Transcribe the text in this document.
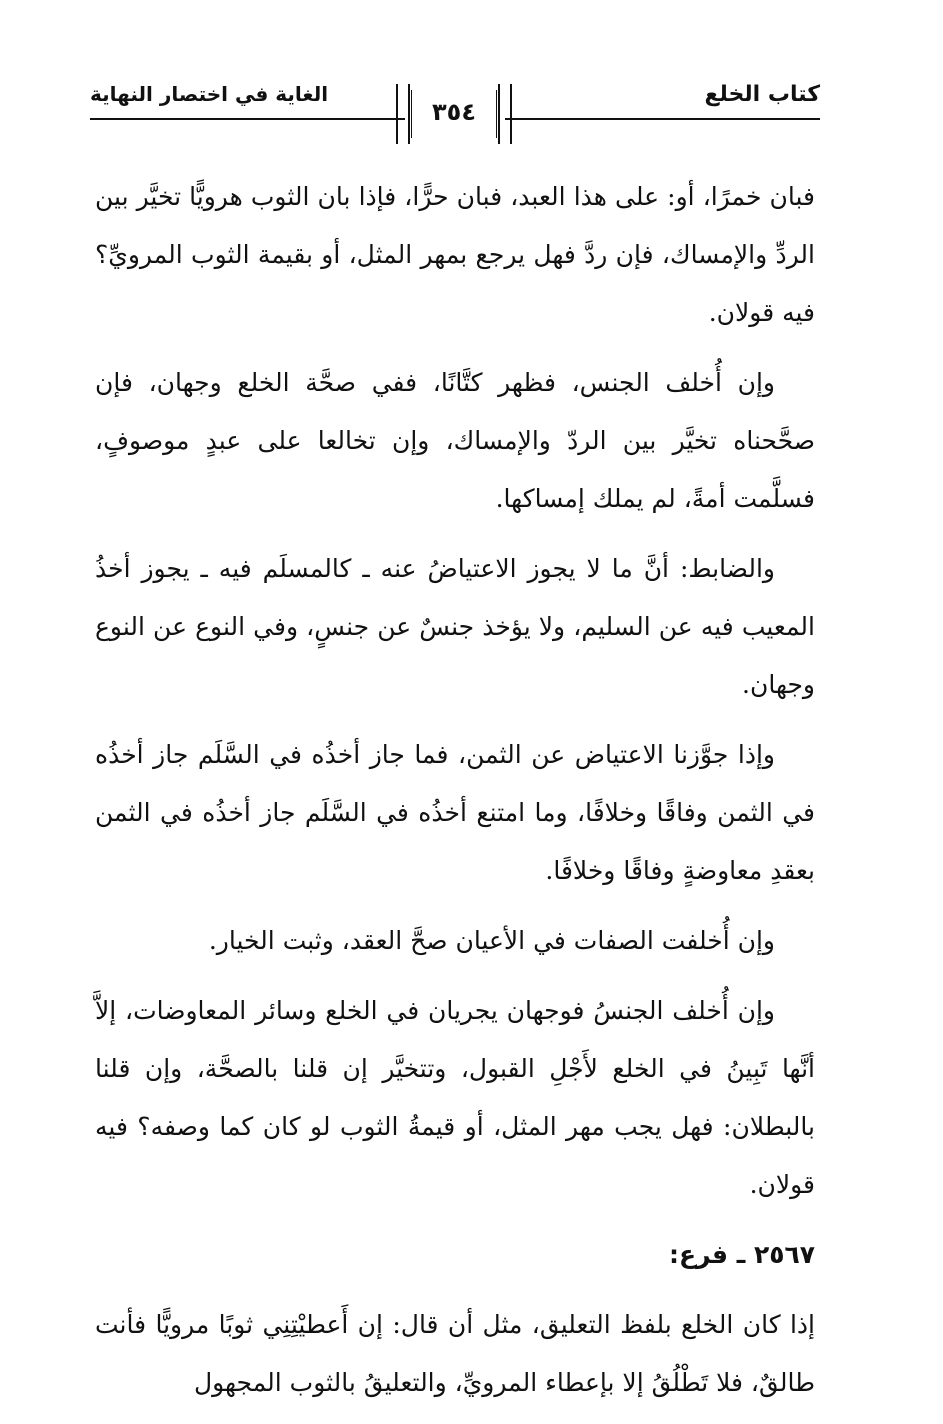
كتاب الخلع
الغاية في اختصار النهاية
٣٥٤

فبان خمرًا، أو: على هذا العبد، فبان حرًّا، فإذا بان الثوب هرويًّا تخيَّر بين الردِّ والإمساك، فإن ردَّ فهل يرجع بمهر المثل، أو بقيمة الثوب المرويِّ؟ فيه قولان.

وإن أُخلف الجنس، فظهر كتَّانًا، ففي صحَّة الخلع وجهان، فإن صحَّحناه تخيَّر بين الردّ والإمساك، وإن تخالعا على عبدٍ موصوفٍ، فسلَّمت أمةً، لم يملك إمساكها.

والضابط: أنَّ ما لا يجوز الاعتياضُ عنه ـ كالمسلَم فيه ـ يجوز أخذُ المعيب فيه عن السليم، ولا يؤخذ جنسٌ عن جنسٍ، وفي النوع عن النوع وجهان.

وإذا جوَّزنا الاعتياض عن الثمن، فما جاز أخذُه في السَّلَم جاز أخذُه في الثمن وفاقًا وخلافًا، وما امتنع أخذُه في السَّلَم جاز أخذُه في الثمن بعقدِ معاوضةٍ وفاقًا وخلافًا.

وإن أُخلفت الصفات في الأعيان صحَّ العقد، وثبت الخيار.

وإن أُخلف الجنسُ فوجهان يجريان في الخلع وسائر المعاوضات، إلاَّ أنَّها تَبِينُ في الخلع لأَجْلِ القبول، وتتخيَّر إن قلنا بالصحَّة، وإن قلنا بالبطلان: فهل يجب مهر المثل، أو قيمةُ الثوب لو كان كما وصفه؟ فيه قولان.

٢٥٦٧ ـ فرع:

إذا كان الخلع بلفظ التعليق، مثل أن قال: إن أَعطيْتِنِي ثوبًا مرويًّا فأنت طالقٌ، فلا تَطْلُقُ إلا بإعطاء المرويِّ، والتعليقُ بالثوب المجهول
